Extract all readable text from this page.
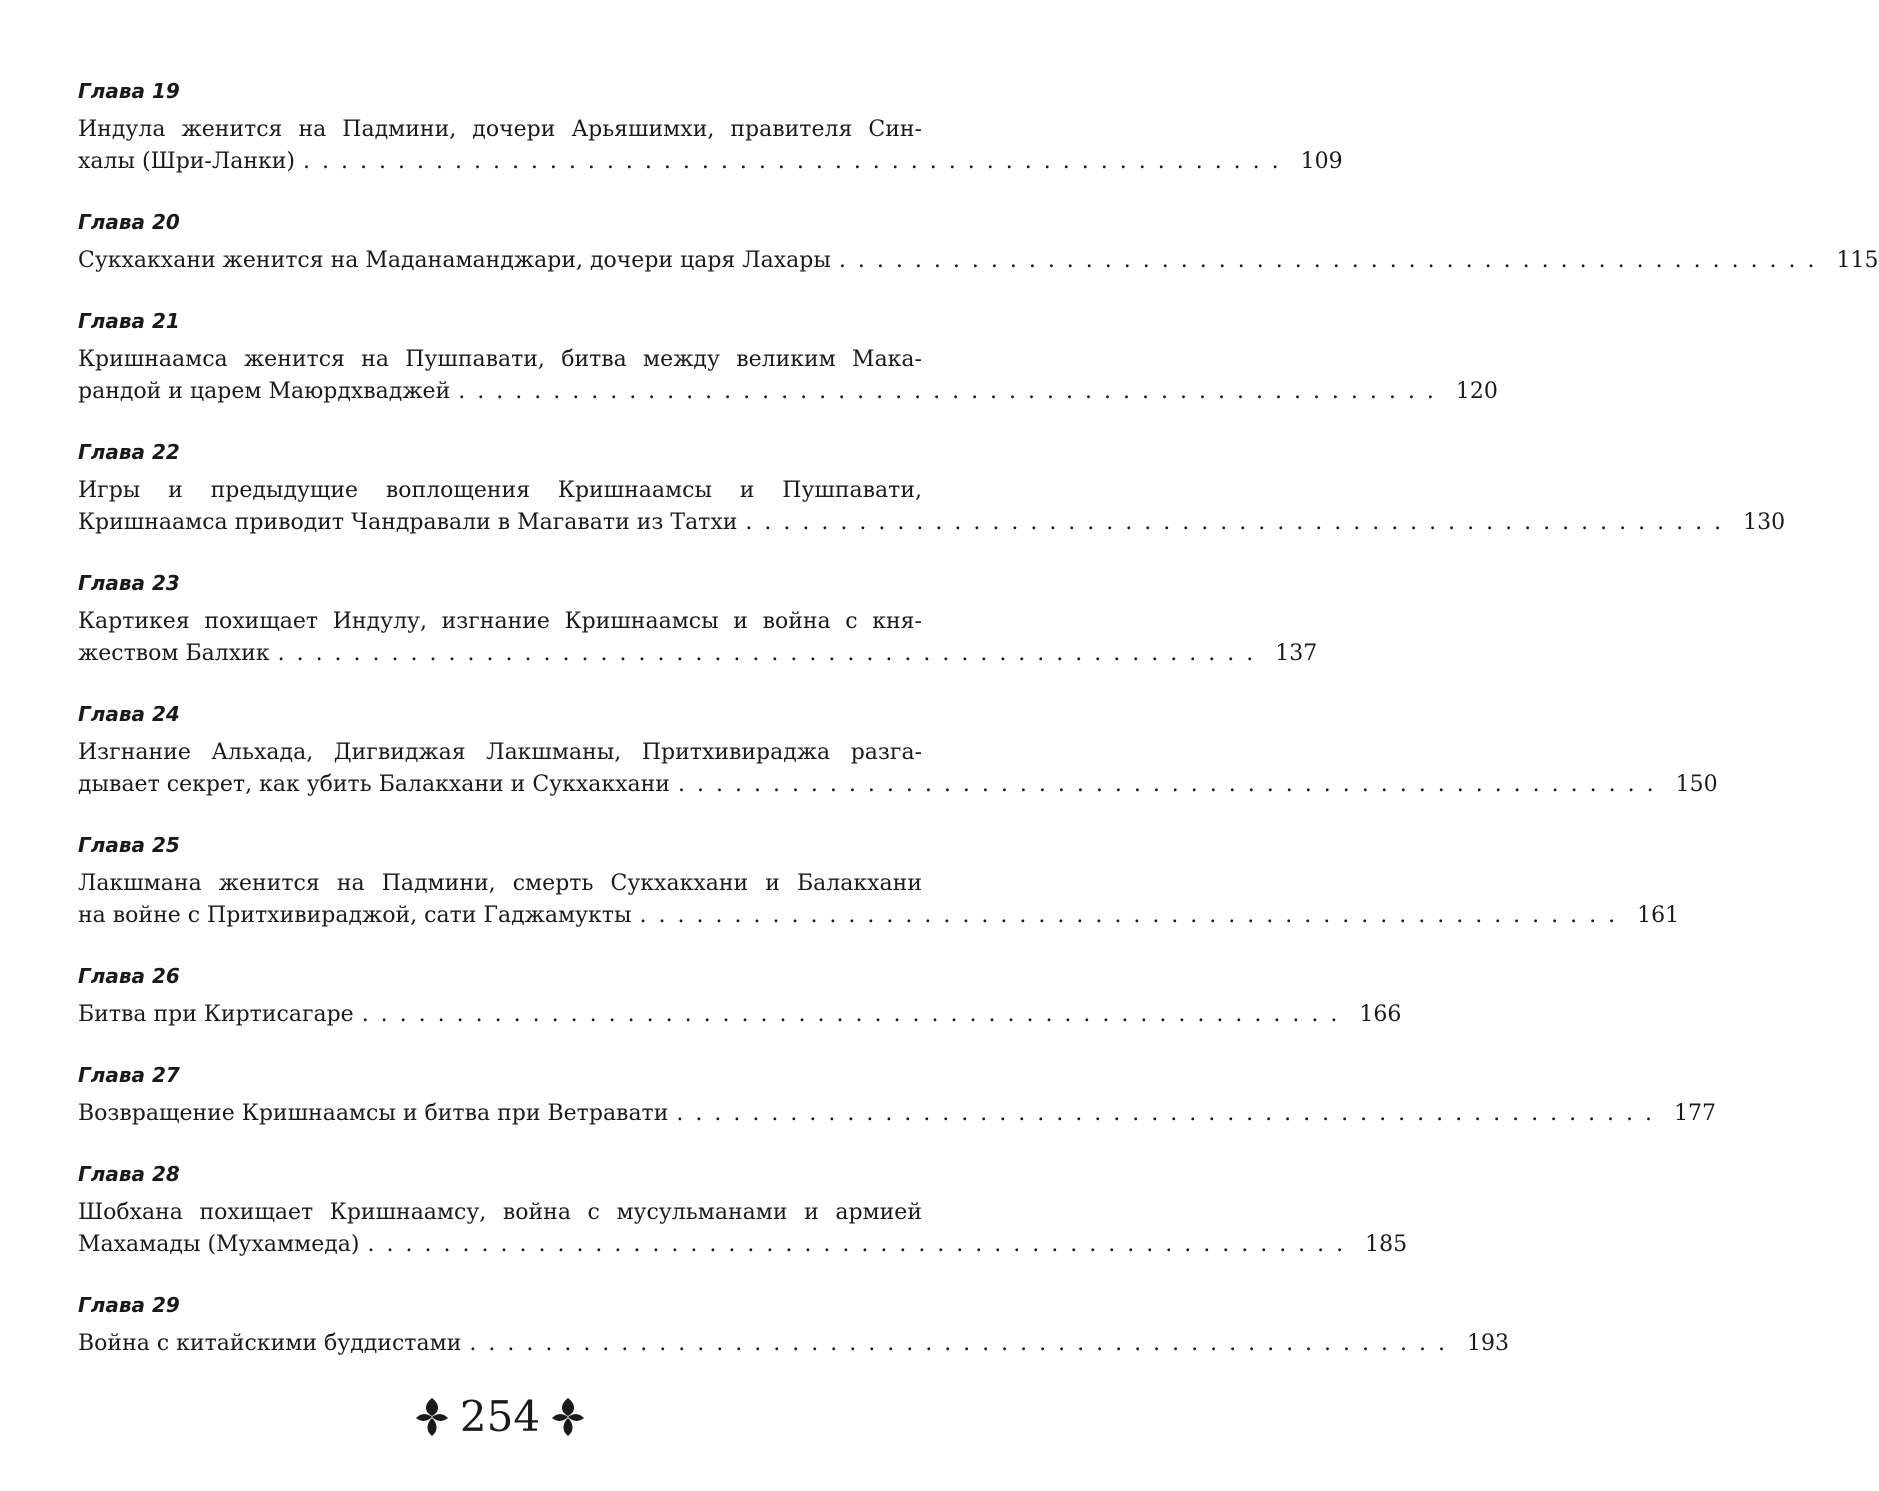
Глава 19
Индула женится на Падмини, дочери Арьяшимхи, правителя Син-
халы (Шри-Ланки) .................................................... 109
Глава 20
Сукхакхани женится на Маданаманджари, дочери царя Лахары .................................................... 115
Глава 21
Кришнаамса женится на Пушпавати, битва между великим Мака-
рандой и царем Маюрдхваджей .................................................... 120
Глава 22
Игры и предыдущие воплощения Кришнаамсы и Пушпавати,
Кришнаамса приводит Чандравали в Магавати из Татхи .................................................... 130
Глава 23
Картикея похищает Индулу, изгнание Кришнаамсы и война с кня-
жеством Балхик .................................................... 137
Глава 24
Изгнание Альхада, Дигвиджая Лакшманы, Притхивираджа разга-
дывает секрет, как убить Балакхани и Сукхакхани .................................................... 150
Глава 25
Лакшмана женится на Падмини, смерть Сукхакхани и Балакхани
на войне с Притхивираджой, сати Гаджамукты .................................................... 161
Глава 26
Битва при Киртисагаре .................................................... 166
Глава 27
Возвращение Кришнаамсы и битва при Ветравати .................................................... 177
Глава 28
Шобхана похищает Кришнаамсу, война с мусульманами и армией
Махамады (Мухаммеда) .................................................... 185
Глава 29
Война с китайскими буддистами .................................................... 193
254
